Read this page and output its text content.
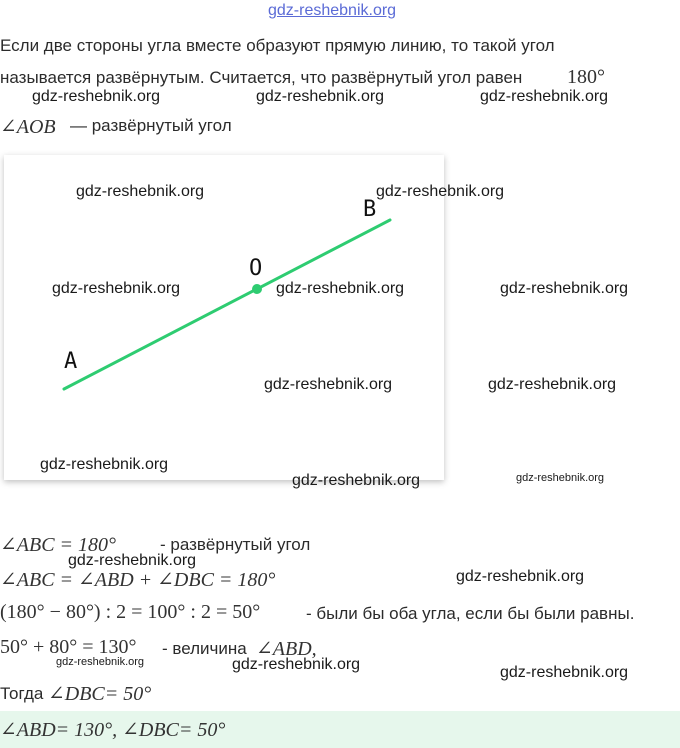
gdz-reshebnik.org
Если две стороны угла вместе образуют прямую линию, то такой угол
называется развёрнутым. Считается, что развёрнутый угол равен 180°
∠AOB — развёрнутый угол
gdz-reshebnik.org	gdz-reshebnik.org	gdz-reshebnik.org
A
O
B
gdz-reshebnik.org	gdz-reshebnik.org
gdz-reshebnik.org	gdz-reshebnik.org	gdz-reshebnik.org
gdz-reshebnik.org	gdz-reshebnik.org
gdz-reshebnik.org
gdz-reshebnik.org	gdz-reshebnik.org
∠ABC = 180°	- развёрнутый угол
gdz-reshebnik.org
∠ABC = ∠ABD + ∠DBC = 180°	gdz-reshebnik.org
(180° − 80°) : 2 = 100° : 2 = 50°	- были бы оба угла, если бы были равны.
50° + 80° = 130° - величина ∠ABD,
gdz-reshebnik.org	gdz-reshebnik.org	gdz-reshebnik.org
Тогда ∠DBC= 50°
∠ABD= 130°, ∠DBC= 50°
